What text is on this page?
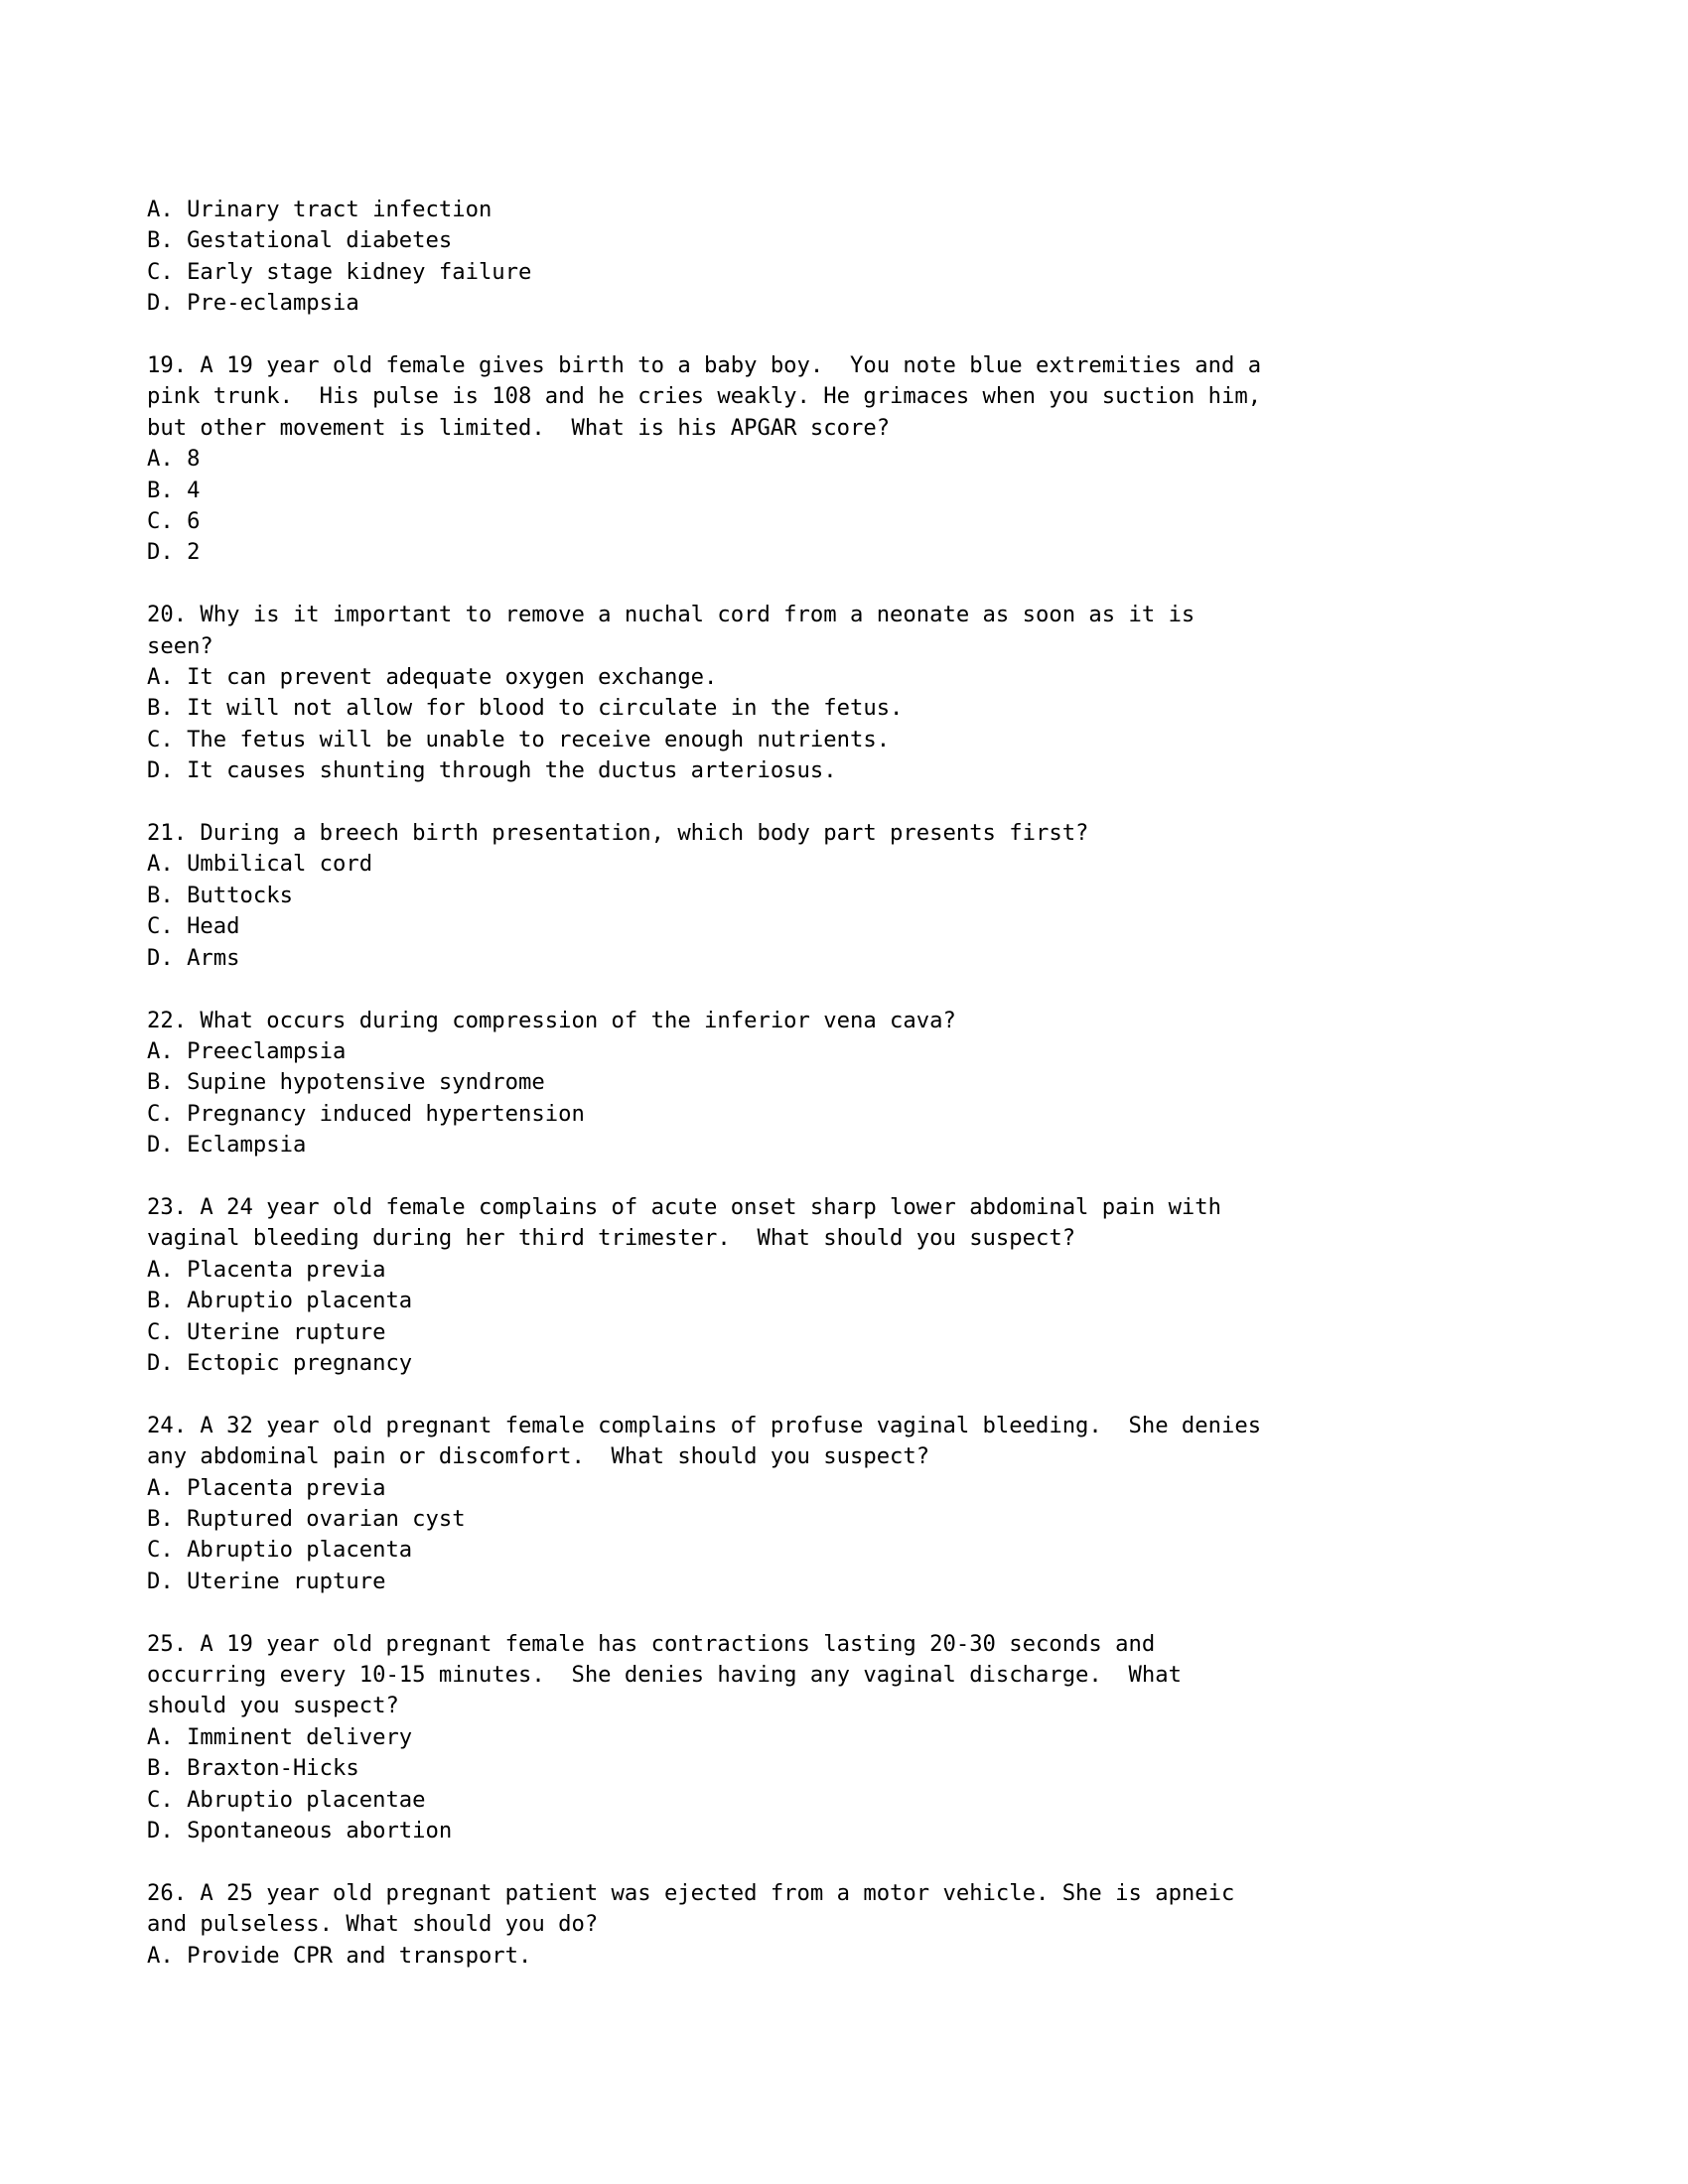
A. Urinary tract infection
B. Gestational diabetes
C. Early stage kidney failure
D. Pre-eclampsia
19. A 19 year old female gives birth to a baby boy.  You note blue extremities and a
pink trunk.  His pulse is 108 and he cries weakly. He grimaces when you suction him,
but other movement is limited.  What is his APGAR score?
A. 8
B. 4
C. 6
D. 2
20. Why is it important to remove a nuchal cord from a neonate as soon as it is
seen?
A. It can prevent adequate oxygen exchange.
B. It will not allow for blood to circulate in the fetus.
C. The fetus will be unable to receive enough nutrients.
D. It causes shunting through the ductus arteriosus.
21. During a breech birth presentation, which body part presents first?
A. Umbilical cord
B. Buttocks
C. Head
D. Arms
22. What occurs during compression of the inferior vena cava?
A. Preeclampsia
B. Supine hypotensive syndrome
C. Pregnancy induced hypertension
D. Eclampsia
23. A 24 year old female complains of acute onset sharp lower abdominal pain with
vaginal bleeding during her third trimester.  What should you suspect?
A. Placenta previa
B. Abruptio placenta
C. Uterine rupture
D. Ectopic pregnancy
24. A 32 year old pregnant female complains of profuse vaginal bleeding.  She denies
any abdominal pain or discomfort.  What should you suspect?
A. Placenta previa
B. Ruptured ovarian cyst
C. Abruptio placenta
D. Uterine rupture
25. A 19 year old pregnant female has contractions lasting 20-30 seconds and
occurring every 10-15 minutes.  She denies having any vaginal discharge.  What
should you suspect?
A. Imminent delivery
B. Braxton-Hicks
C. Abruptio placentae
D. Spontaneous abortion
26. A 25 year old pregnant patient was ejected from a motor vehicle. She is apneic
and pulseless. What should you do?
A. Provide CPR and transport.
